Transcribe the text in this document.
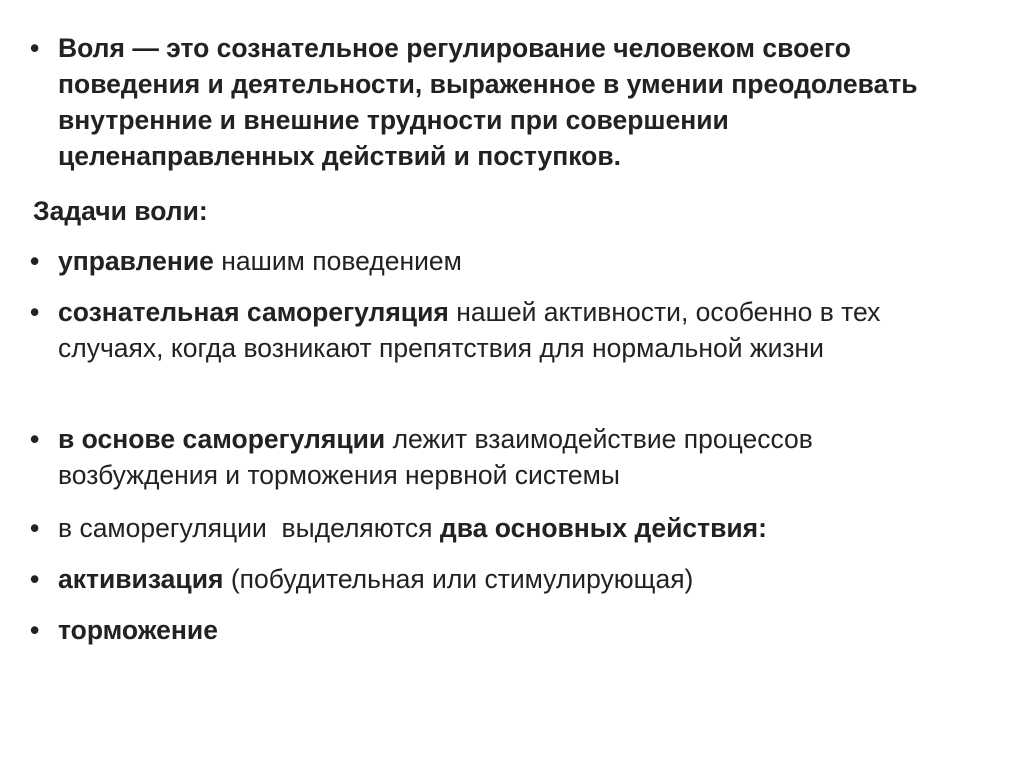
• Воля — это сознательное регулирование человеком своего поведения и деятельности, выраженное в умении преодолевать внутренние и внешние трудности при совершении целенаправленных действий и поступков.
Задачи воли:
• управление нашим поведением
• сознательная саморегуляция нашей активности, особенно в тех случаях, когда возникают препятствия для нормальной жизни
• в основе саморегуляции лежит взаимодействие процессов возбуждения и торможения нервной системы
• в саморегуляции  выделяются два основных действия:
• активизация (побудительная или стимулирующая)
• торможение
